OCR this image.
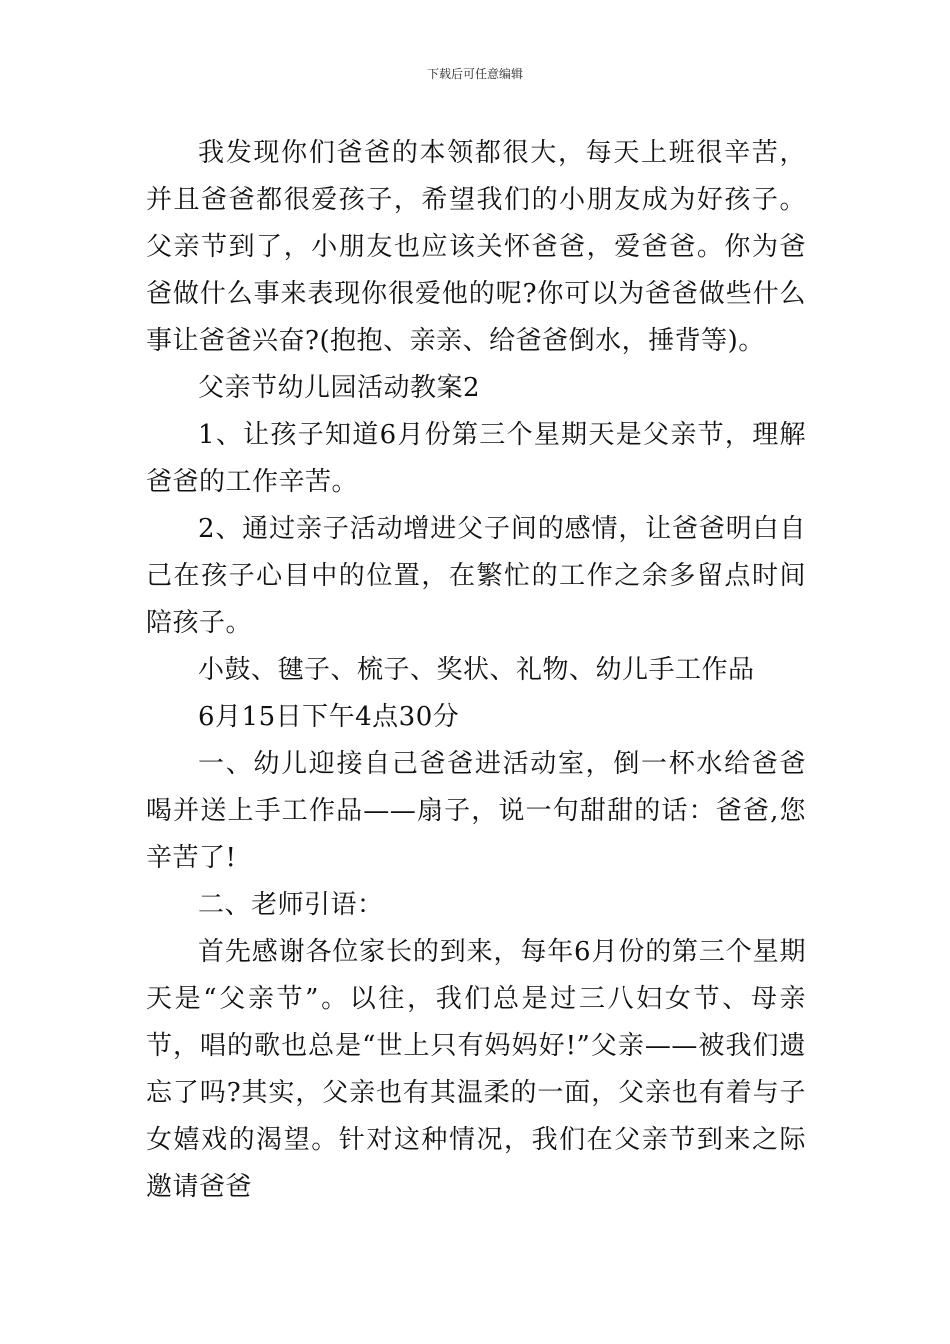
下载后可任意编辑

我发现你们爸爸的本领都很大，每天上班很辛苦，并且爸爸都很爱孩子，希望我们的小朋友成为好孩子。父亲节到了，小朋友也应该关怀爸爸，爱爸爸。你为爸爸做什么事来表现你很爱他的呢?你可以为爸爸做些什么事让爸爸兴奋?(抱抱、亲亲、给爸爸倒水，捶背等)。

父亲节幼儿园活动教案2

1、让孩子知道6月份第三个星期天是父亲节，理解爸爸的工作辛苦。

2、通过亲子活动增进父子间的感情，让爸爸明白自己在孩子心目中的位置，在繁忙的工作之余多留点时间陪孩子。

小鼓、毽子、梳子、奖状、礼物、幼儿手工作品

6月15日下午4点30分

一、幼儿迎接自己爸爸进活动室，倒一杯水给爸爸喝并送上手工作品——扇子，说一句甜甜的话：爸爸,您辛苦了!

二、老师引语：

首先感谢各位家长的到来，每年6月份的第三个星期天是“父亲节”。以往，我们总是过三八妇女节、母亲节，唱的歌也总是“世上只有妈妈好!”父亲——被我们遗忘了吗?其实，父亲也有其温柔的一面，父亲也有着与子女嬉戏的渴望。针对这种情况，我们在父亲节到来之际邀请爸爸
